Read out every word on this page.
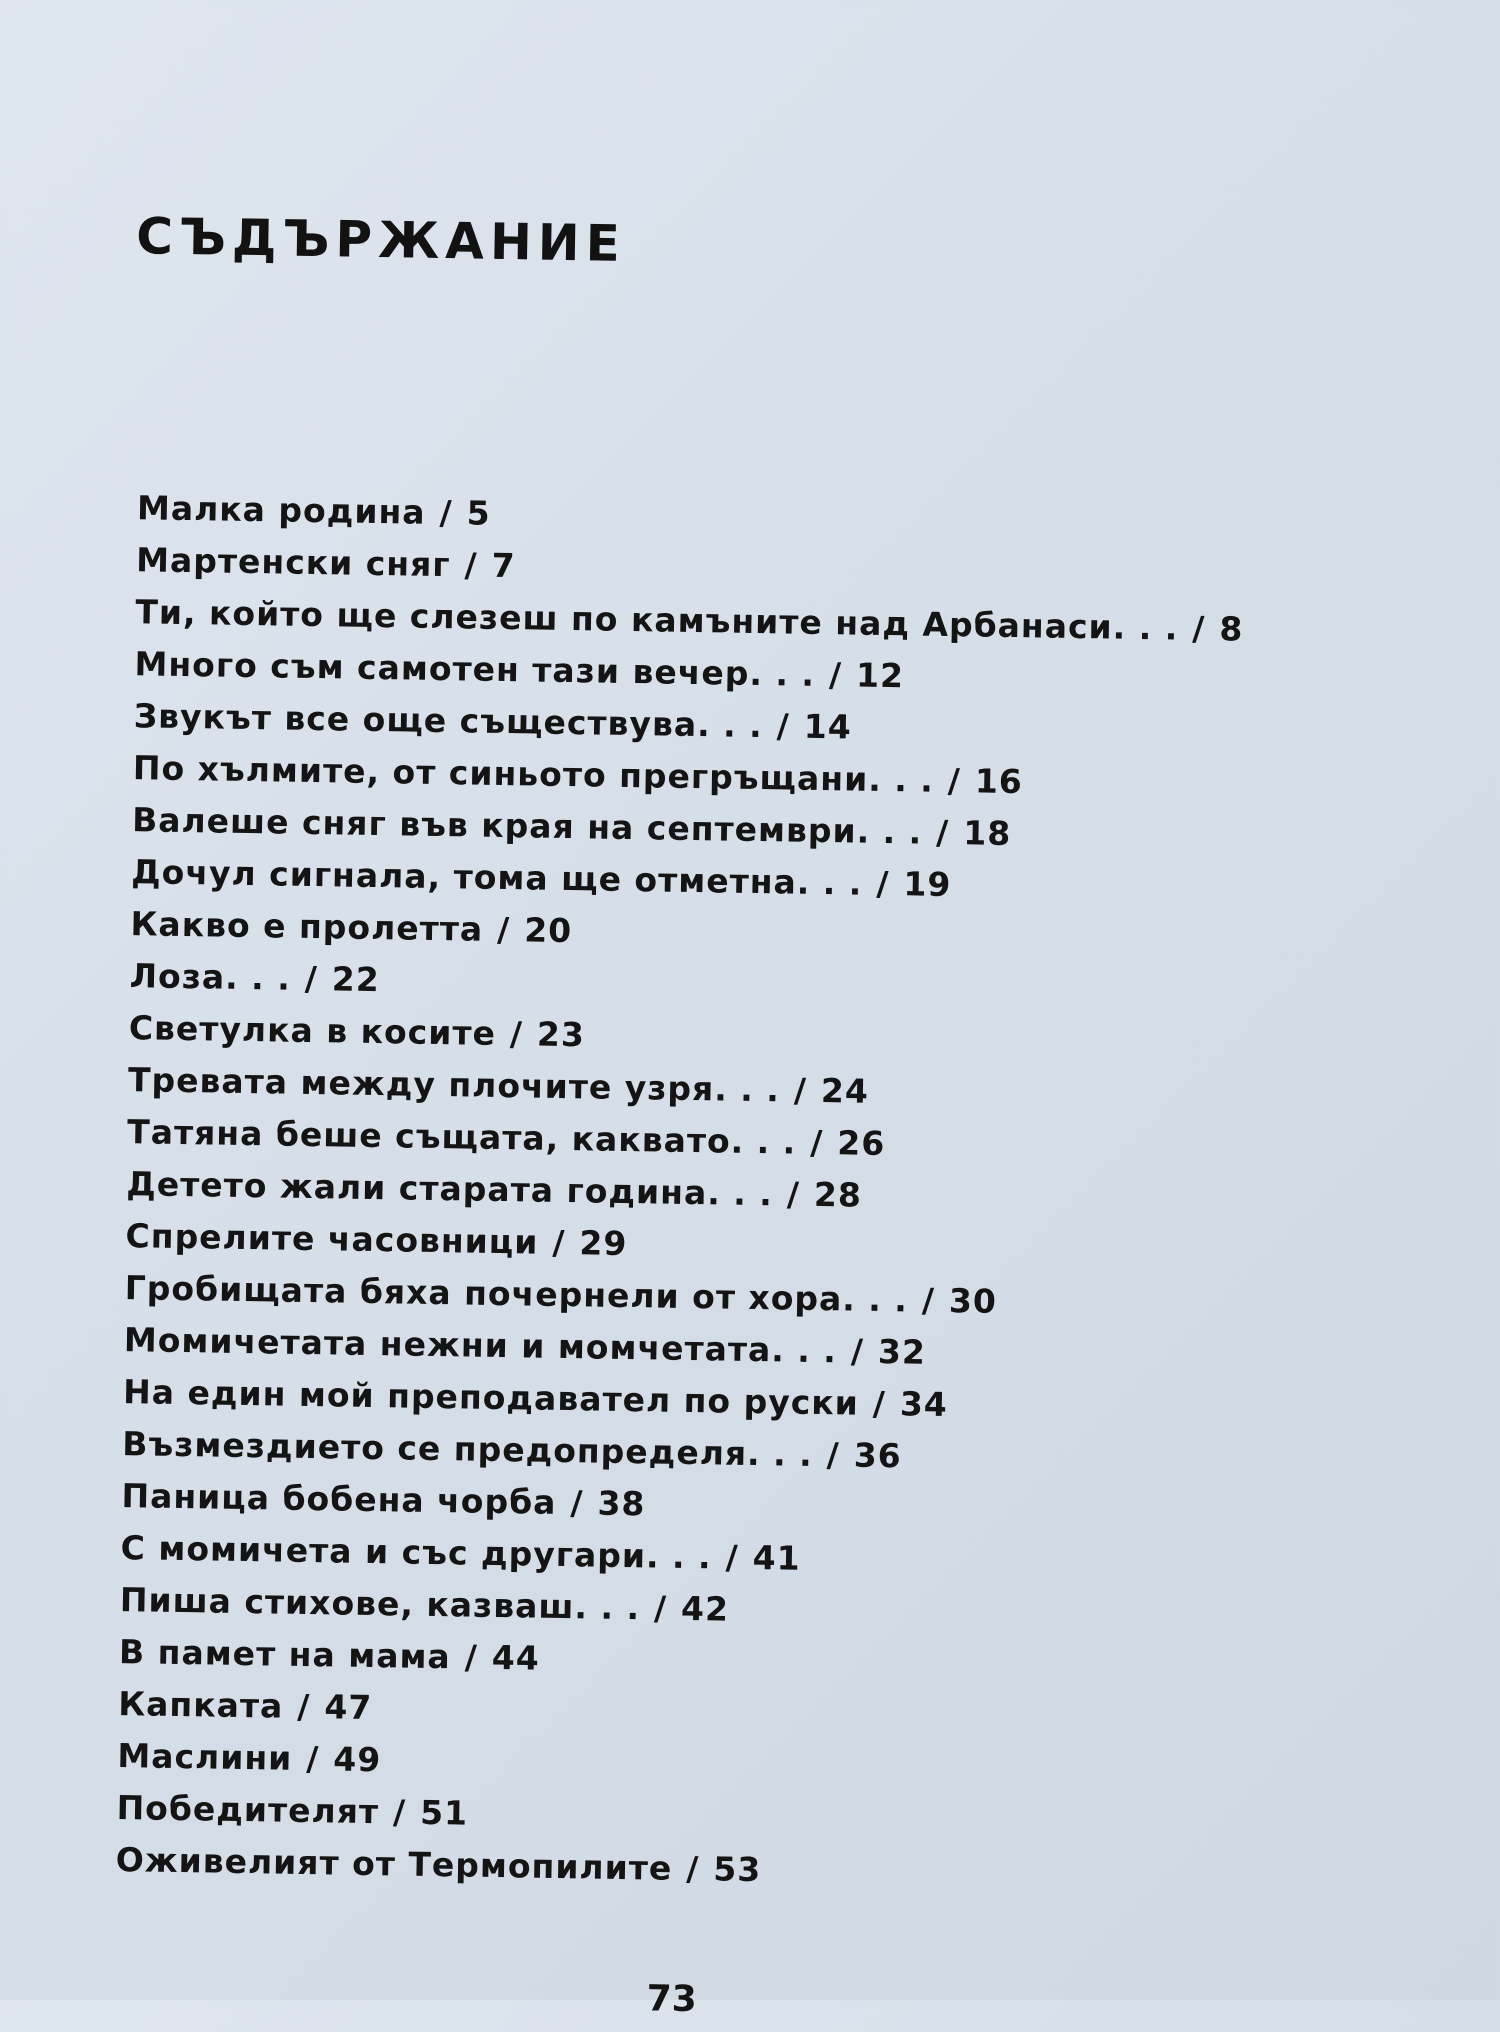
СЪДЪРЖАНИЕ
Малка родина / 5
Мартенски сняг / 7
Ти, който ще слезеш по камъните над Арбанаси. . . / 8
Много съм самотен тази вечер. . . / 12
Звукът все още съществува. . . / 14
По хълмите, от синьото прегръщани. . . / 16
Валеше сняг във края на септември. . . / 18
Дочул сигнала, тома ще отметна. . . / 19
Какво е пролетта / 20
Лоза. . . / 22
Светулка в косите / 23
Тревата между плочите узря. . . / 24
Татяна беше същата, каквато. . . / 26
Детето жали старата година. . . / 28
Спрелите часовници / 29
Гробищата бяха почернели от хора. . . / 30
Момичетата нежни и момчетата. . . / 32
На един мой преподавател по руски / 34
Възмездието се предопределя. . . / 36
Паница бобена чорба / 38
С момичета и със другари. . . / 41
Пиша стихове, казваш. . . / 42
В памет на мама / 44
Капката / 47
Маслини / 49
Победителят / 51
Оживелият от Термопилите / 53
73
